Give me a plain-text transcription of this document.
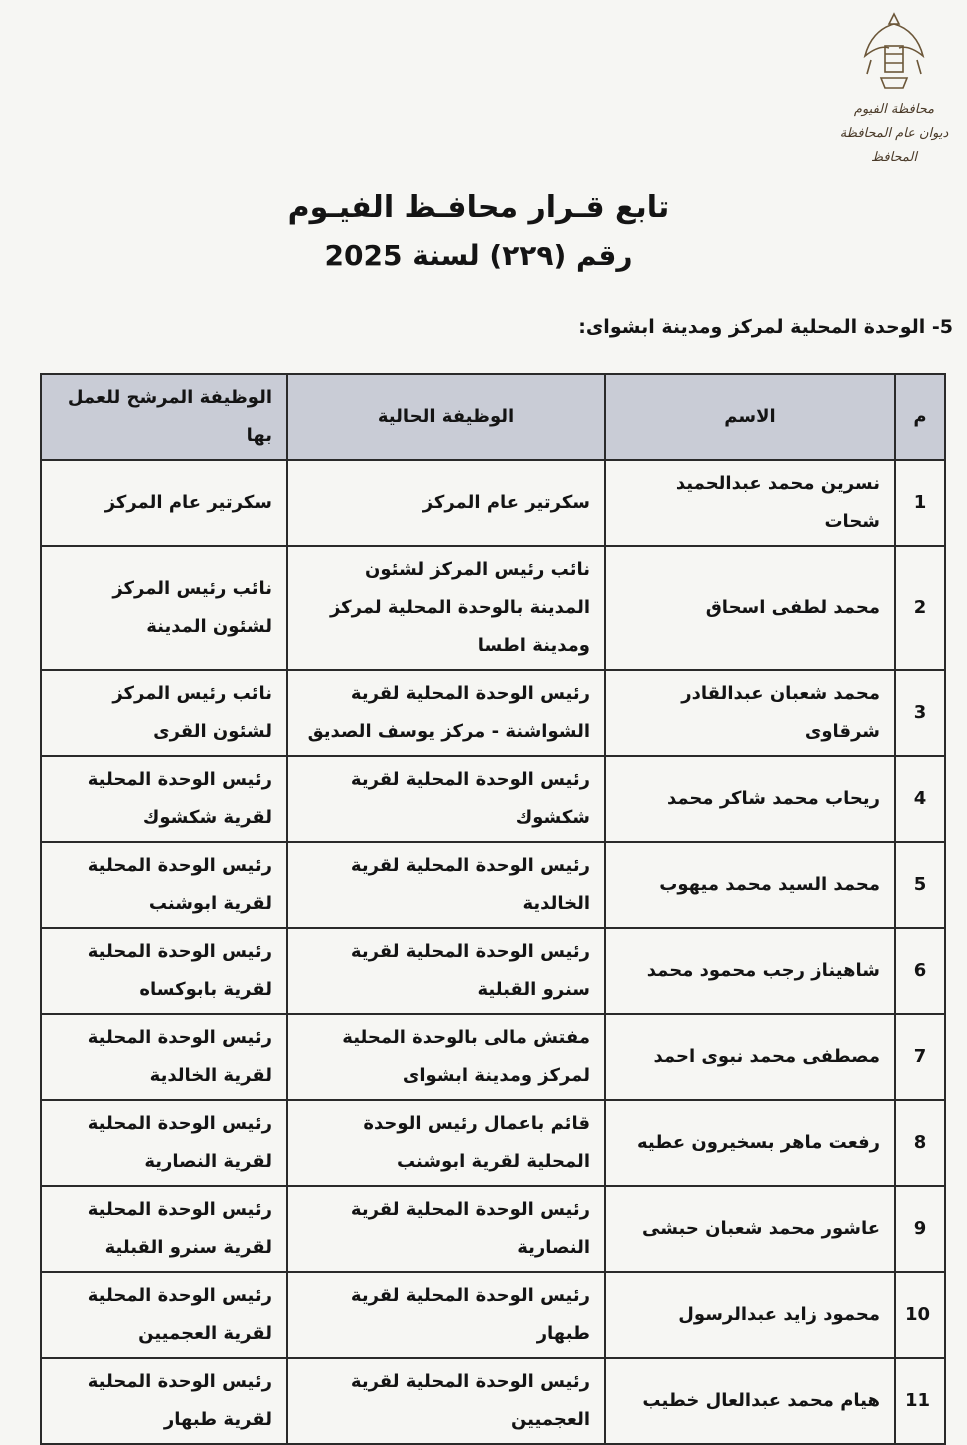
محافظة الفيوم
ديوان عام المحافظة
المحافظ
تابع قـرار محافـظ الفيـوم
رقم (٢٢٩) لسنة 2025
5- الوحدة المحلية لمركز ومدينة ابشواى:
م	الاسم	الوظيفة الحالية	الوظيفة المرشح للعمل بها
1	نسرين محمد عبدالحميد شحات	سكرتير عام المركز	سكرتير عام المركز
2	محمد لطفى اسحاق	نائب رئيس المركز لشئون المدينة بالوحدة المحلية لمركز ومدينة اطسا	نائب رئيس المركز لشئون المدينة
3	محمد شعبان عبدالقادر شرقاوى	رئيس الوحدة المحلية لقرية الشواشنة - مركز يوسف الصديق	نائب رئيس المركز لشئون القرى
4	ريحاب محمد شاكر محمد	رئيس الوحدة المحلية لقرية شكشوك	رئيس الوحدة المحلية لقرية شكشوك
5	محمد السيد محمد ميهوب	رئيس الوحدة المحلية لقرية الخالدية	رئيس الوحدة المحلية لقرية ابوشنب
6	شاهيناز رجب محمود محمد	رئيس الوحدة المحلية لقرية سنرو القبلية	رئيس الوحدة المحلية لقرية بابوكساه
7	مصطفى محمد نبوى احمد	مفتش مالى بالوحدة المحلية لمركز ومدينة ابشواى	رئيس الوحدة المحلية لقرية الخالدية
8	رفعت ماهر بسخيرون عطيه	قائم باعمال رئيس الوحدة المحلية لقرية ابوشنب	رئيس الوحدة المحلية لقرية النصارية
9	عاشور محمد شعبان حبشى	رئيس الوحدة المحلية لقرية النصارية	رئيس الوحدة المحلية لقرية سنرو القبلية
10	محمود زايد عبدالرسول	رئيس الوحدة المحلية لقرية طبهار	رئيس الوحدة المحلية لقرية العجميين
11	هيام محمد عبدالعال خطيب	رئيس الوحدة المحلية لقرية العجميين	رئيس الوحدة المحلية لقرية طبهار
